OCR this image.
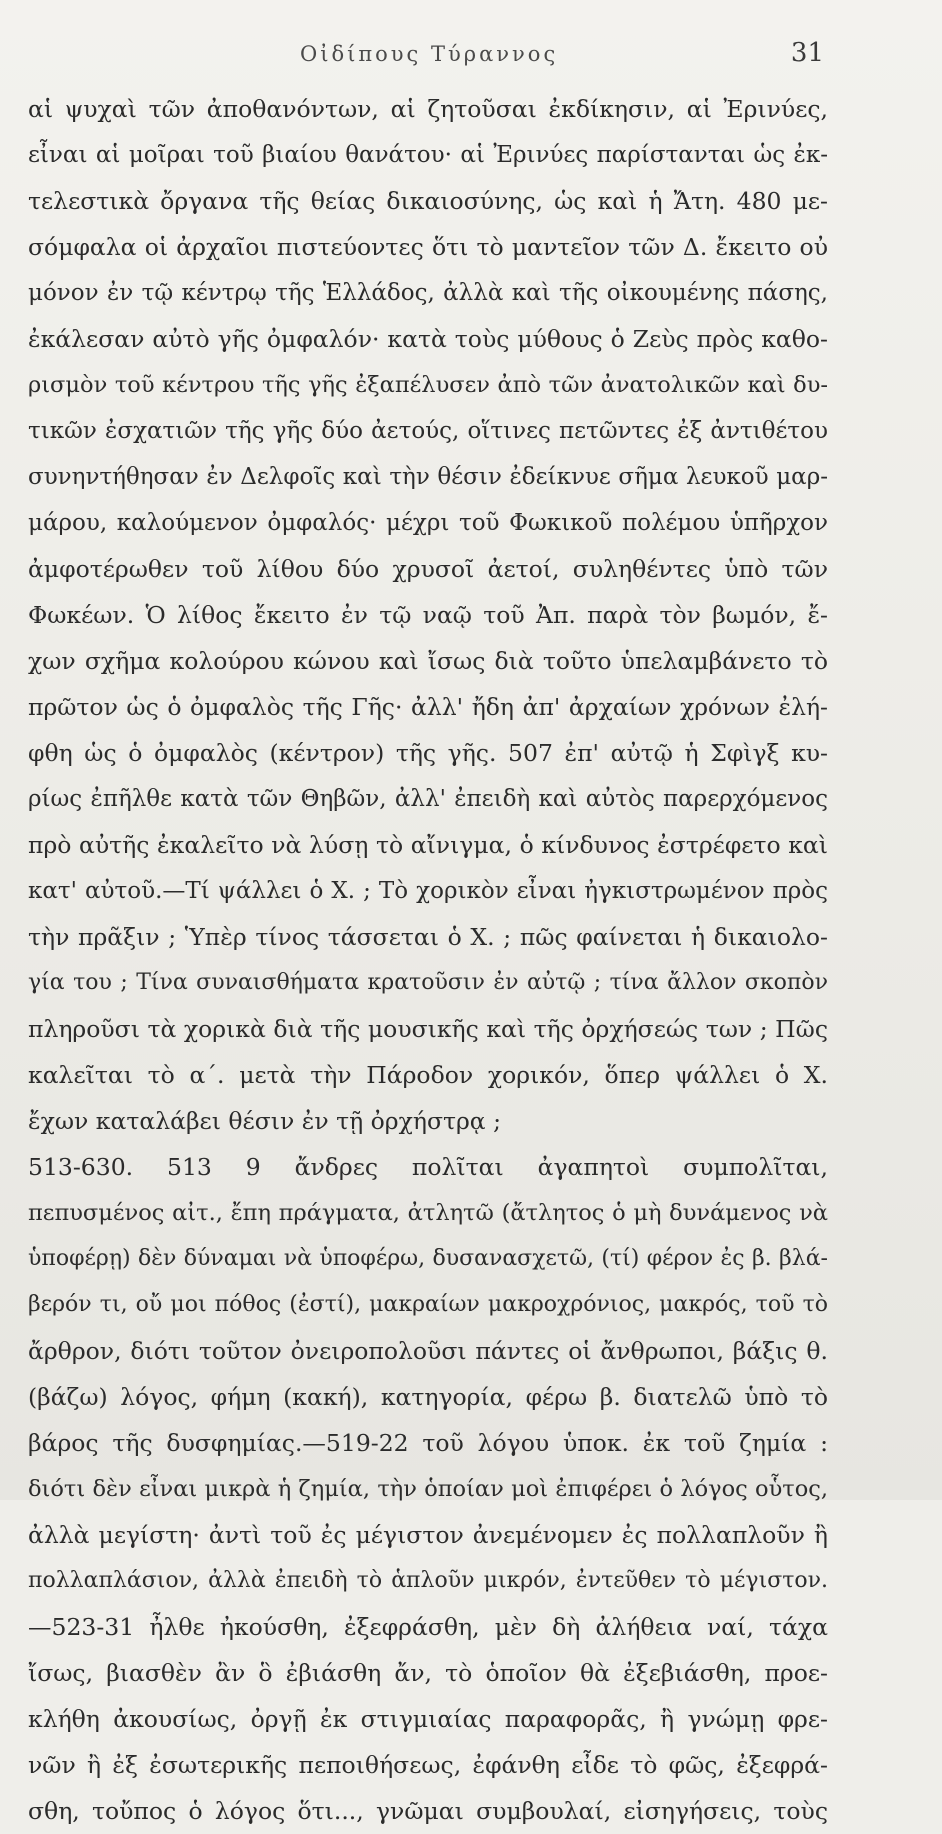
Οἰδίπους Τύραννος	31
αἱ ψυχαὶ τῶν ἀποθανόντων, αἱ ζητοῦσαι ἐκδίκησιν, αἱ Ἐρινύες,
εἶναι αἱ μοῖραι τοῦ βιαίου θανάτου· αἱ Ἐρινύες παρίστανται ὡς ἐκ-
τελεστικὰ ὄργανα τῆς θείας δικαιοσύνης, ὡς καὶ ἡ Ἄτη. 480 με-
σόμφαλα οἱ ἀρχαῖοι πιστεύοντες ὅτι τὸ μαντεῖον τῶν Δ. ἔκειτο οὐ
μόνον ἐν τῷ κέντρῳ τῆς Ἑλλάδος, ἀλλὰ καὶ τῆς οἰκουμένης πάσης,
ἐκάλεσαν αὐτὸ γῆς ὀμφαλόν· κατὰ τοὺς μύθους ὁ Ζεὺς πρὸς καθο-
ρισμὸν τοῦ κέντρου τῆς γῆς ἐξαπέλυσεν ἀπὸ τῶν ἀνατολικῶν καὶ δυ-
τικῶν ἐσχατιῶν τῆς γῆς δύο ἀετούς, οἵτινες πετῶντες ἐξ ἀντιθέτου
συνηντήθησαν ἐν Δελφοῖς καὶ τὴν θέσιν ἐδείκνυε σῆμα λευκοῦ μαρ-
μάρου, καλούμενον ὀμφαλός· μέχρι τοῦ Φωκικοῦ πολέμου ὑπῆρχον
ἀμφοτέρωθεν τοῦ λίθου δύο χρυσοῖ ἀετοί, συληθέντες ὑπὸ τῶν
Φωκέων. Ὁ λίθος ἔκειτο ἐν τῷ ναῷ τοῦ Ἀπ. παρὰ τὸν βωμόν, ἔ-
χων σχῆμα κολούρου κώνου καὶ ἴσως διὰ τοῦτο ὑπελαμβάνετο τὸ
πρῶτον ὡς ὁ ὀμφαλὸς τῆς Γῆς· ἀλλ' ἤδη ἀπ' ἀρχαίων χρόνων ἐλή-
φθη ὡς ὁ ὀμφαλὸς (κέντρον) τῆς γῆς. 507 ἐπ' αὐτῷ ἡ Σφὶγξ κυ-
ρίως ἐπῆλθε κατὰ τῶν Θηβῶν, ἀλλ' ἐπειδὴ καὶ αὐτὸς παρερχόμενος
πρὸ αὐτῆς ἐκαλεῖτο νὰ λύσῃ τὸ αἴνιγμα, ὁ κίνδυνος ἐστρέφετο καὶ
κατ' αὐτοῦ.—Τί ψάλλει ὁ Χ. ; Τὸ χορικὸν εἶναι ἠγκιστρωμένον πρὸς
τὴν πρᾶξιν ; Ὑπὲρ τίνος τάσσεται ὁ Χ. ; πῶς φαίνεται ἡ δικαιολο-
γία του ; Τίνα συναισθήματα κρατοῦσιν ἐν αὐτῷ ; τίνα ἄλλον σκοπὸν
πληροῦσι τὰ χορικὰ διὰ τῆς μουσικῆς καὶ τῆς ὀρχήσεώς των ; Πῶς
καλεῖται τὸ α΄. μετὰ τὴν Πάροδον χορικόν, ὅπερ ψάλλει ὁ Χ.
ἔχων καταλάβει θέσιν ἐν τῇ ὀρχήστρᾳ ;
513-630. 513 9 ἄνδρες πολῖται ἀγαπητοὶ συμπολῖται,
πεπυσμένος αἰτ., ἔπη πράγματα, ἀτλητῶ (ἄτλητος ὁ μὴ δυνάμενος νὰ
ὑποφέρῃ) δὲν δύναμαι νὰ ὑποφέρω, δυσανασχετῶ, (τί) φέρον ἐς β. βλά-
βερόν τι, οὔ μοι πόθος (ἐστί), μακραίων μακροχρόνιος, μακρός, τοῦ τὸ
ἄρθρον, διότι τοῦτον ὀνειροπολοῦσι πάντες οἱ ἄνθρωποι, βάξις θ.
(βάζω) λόγος, φήμη (κακή), κατηγορία, φέρω β. διατελῶ ὑπὸ τὸ
βάρος τῆς δυσφημίας.—519-22 τοῦ λόγου ὑποκ. ἐκ τοῦ ζημία :
διότι δὲν εἶναι μικρὰ ἡ ζημία, τὴν ὁποίαν μοὶ ἐπιφέρει ὁ λόγος οὗτος,
ἀλλὰ μεγίστη· ἀντὶ τοῦ ἐς μέγιστον ἀνεμένομεν ἐς πολλαπλοῦν ἢ
πολλαπλάσιον, ἀλλὰ ἐπειδὴ τὸ ἁπλοῦν μικρόν, ἐντεῦθεν τὸ μέγιστον.
—523-31 ἦλθε ἠκούσθη, ἐξεφράσθη, μὲν δὴ ἀλήθεια ναί, τάχα
ἴσως, βιασθὲν ἂν ὃ ἐβιάσθη ἄν, τὸ ὁποῖον θὰ ἐξεβιάσθη, προε-
κλήθη ἀκουσίως, ὀργῇ ἐκ στιγμιαίας παραφορᾶς, ἢ γνώμῃ φρε-
νῶν ἢ ἐξ ἐσωτερικῆς πεποιθήσεως, ἐφάνθη εἶδε τὸ φῶς, ἐξεφρά-
σθη, τοὔπος ὁ λόγος ὅτι..., γνῶμαι συμβουλαί, εἰσηγήσεις, τοὺς
